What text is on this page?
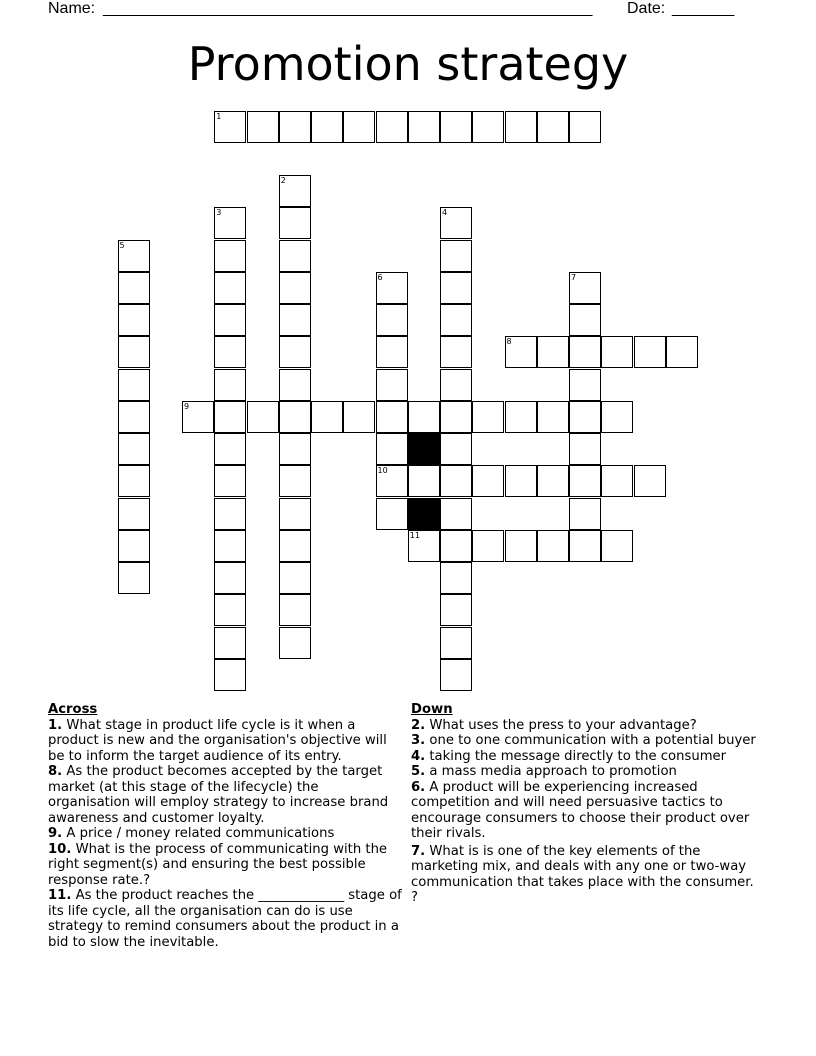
Name: _______________________________________________________ Date: _______
Promotion strategy
1
8
9
10
11
2
3	4
5
6	7
Across
1. What stage in product life cycle is it when a product is new and the organisation's objective will be to inform the target audience of its entry.
8. As the product becomes accepted by the target market (at this stage of the lifecycle) the organisation will employ strategy to increase brand awareness and customer loyalty.
9. A price / money related communications
10. What is the process of communicating with the right segment(s) and ensuring the best possible response rate.?
11. As the product reaches the _____________ stage of its life cycle, all the organisation can do is use strategy to remind consumers about the product in a bid to slow the inevitable.
Down
2. What uses the press to your advantage?
3. one to one communication with a potential buyer
4. taking the message directly to the consumer
5. a mass media approach to promotion
6. A product will be experiencing increased competition and will need persuasive tactics to encourage consumers to choose their product over their rivals.
7. What is is one of the key elements of the marketing mix, and deals with any one or two-way communication that takes place with the consumer. ?
